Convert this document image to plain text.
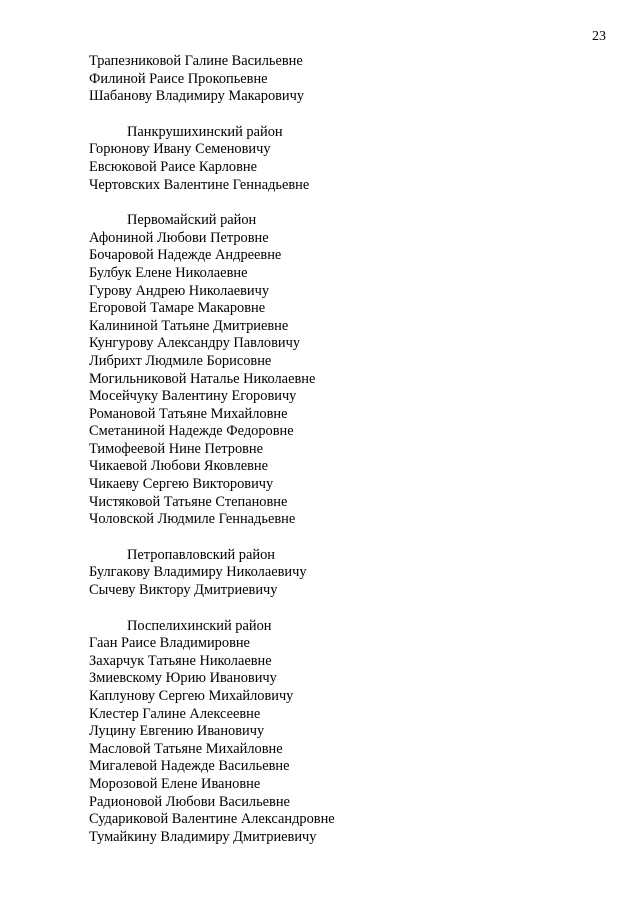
23
Трапезниковой Галине Васильевне
Филиной Раисе Прокопьевне
Шабанову Владимиру Макаровичу
Панкрушихинский район
Горюнову Ивану Семеновичу
Евсюковой Раисе Карловне
Чертовских Валентине Геннадьевне
Первомайский район
Афониной Любови Петровне
Бочаровой Надежде Андреевне
Булбук Елене Николаевне
Гурову Андрею Николаевичу
Егоровой Тамаре Макаровне
Калининой Татьяне Дмитриевне
Кунгурову Александру Павловичу
Либрихт Людмиле Борисовне
Могильниковой Наталье Николаевне
Мосейчуку Валентину Егоровичу
Романовой Татьяне Михайловне
Сметаниной Надежде Федоровне
Тимофеевой Нине Петровне
Чикаевой Любови Яковлевне
Чикаеву Сергею Викторовичу
Чистяковой Татьяне Степановне
Чоловской Людмиле Геннадьевне
Петропавловский район
Булгакову Владимиру Николаевичу
Сычеву Виктору Дмитриевичу
Поспелихинский район
Гаан Раисе Владимировне
Захарчук Татьяне Николаевне
Змиевскому Юрию Ивановичу
Каплунову Сергею Михайловичу
Клестер Галине Алексеевне
Луцину Евгению Ивановичу
Масловой Татьяне Михайловне
Мигалевой Надежде Васильевне
Морозовой Елене Ивановне
Радионовой Любови Васильевне
Судариковой Валентине Александровне
Тумайкину Владимиру Дмитриевичу
